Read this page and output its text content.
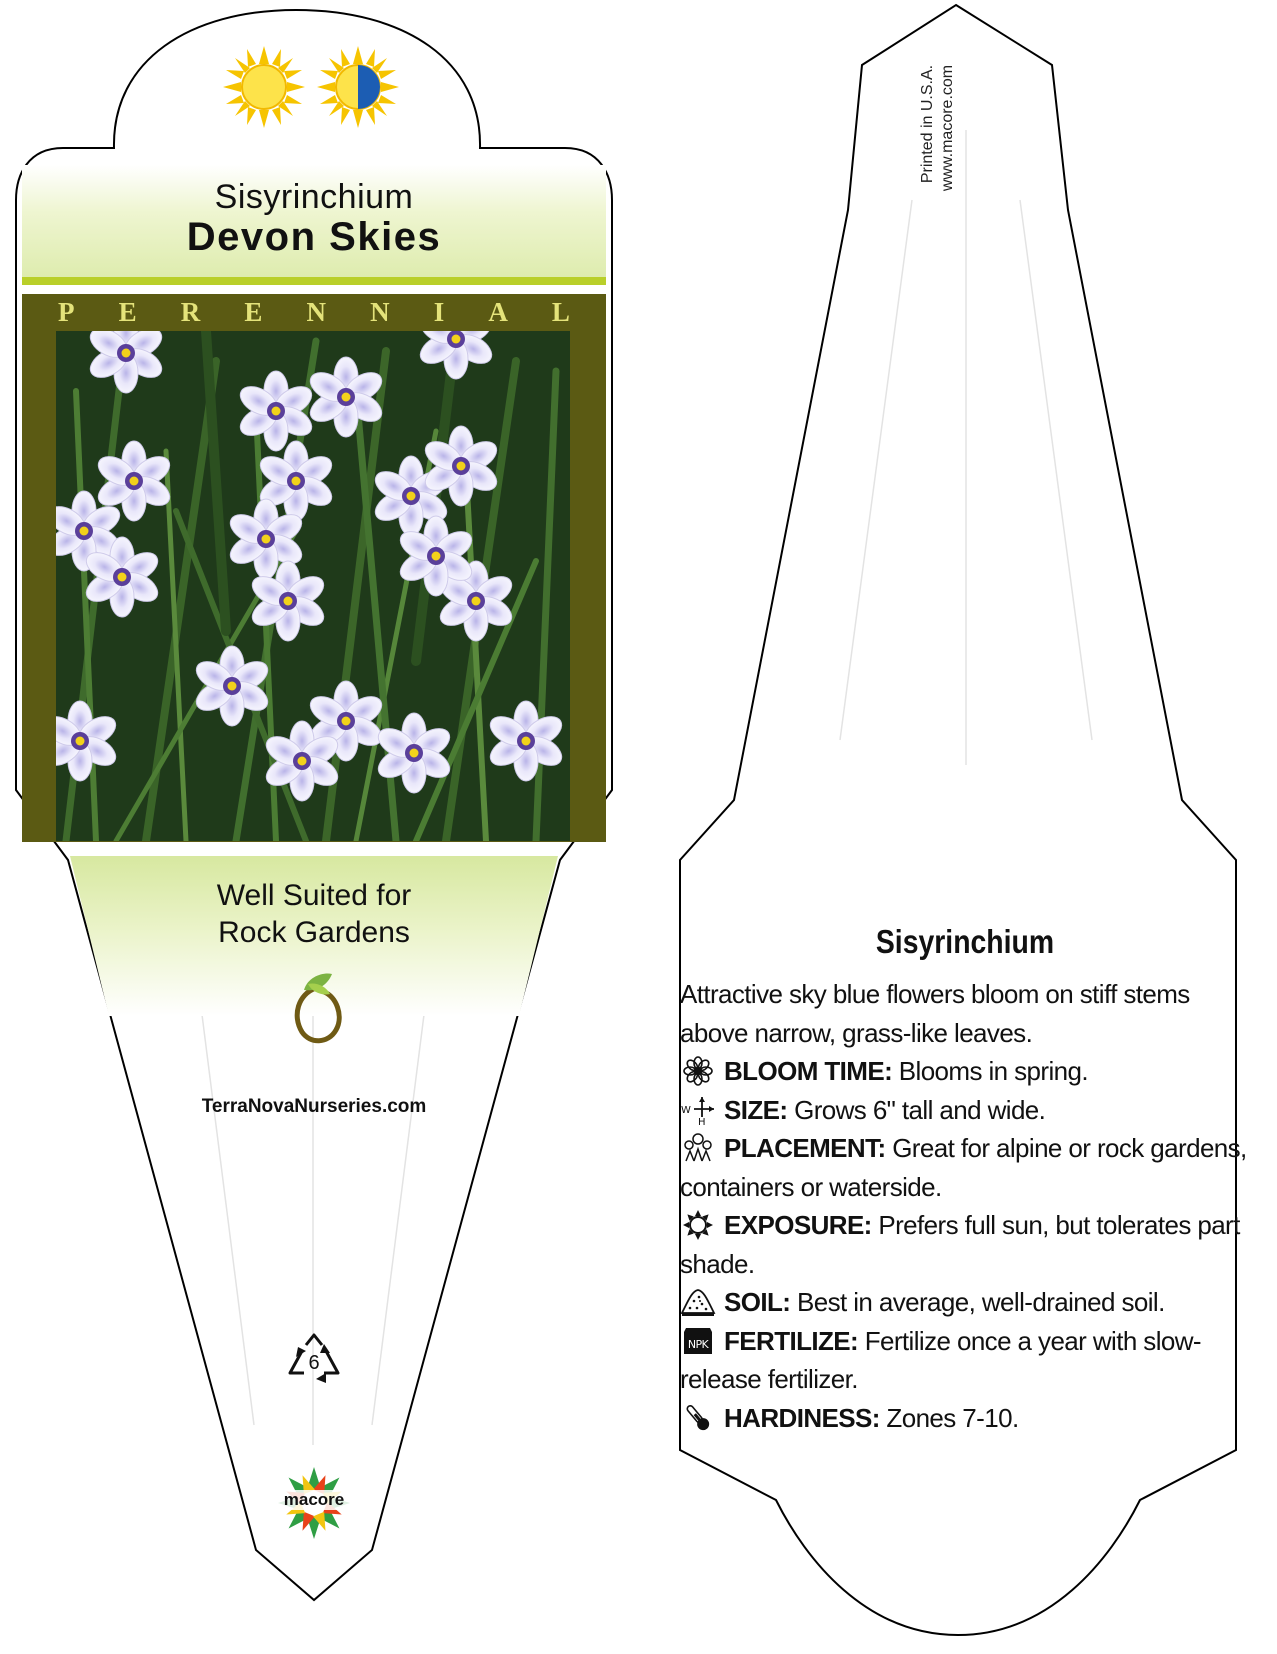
Sisyrinchium
Devon Skies
P E R E N N I A L
Well Suited for
Rock Gardens
TerraNovaNurseries.com
6
macore
Printed in U.S.A. www.macore.com
Sisyrinchium

Attractive sky blue flowers bloom on stiff stems above narrow, grass-like leaves.

BLOOM TIME: Blooms in spring.

W
H SIZE: Grows 6" tall and wide.

PLACEMENT: Great for alpine or rock gardens, containers or waterside.

EXPOSURE: Prefers full sun, but tolerates part shade.

SOIL: Best in average, well-drained soil.

NPK FERTILIZE: Fertilize once a year with slow-release fertilizer.

HARDINESS: Zones 7-10.
